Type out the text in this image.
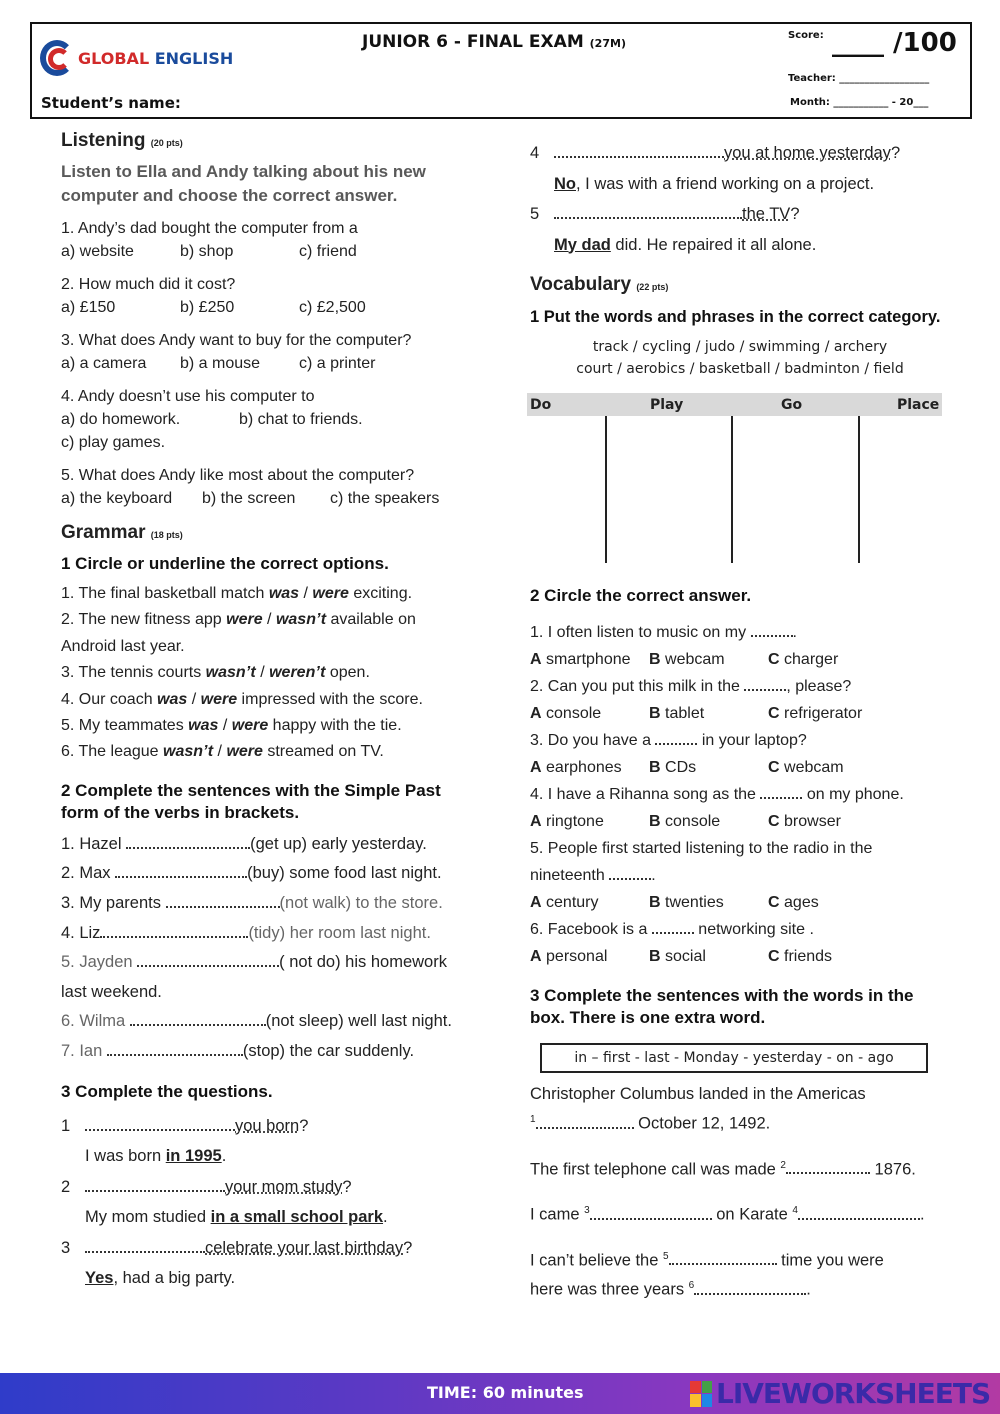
GLOBAL ENGLISH
JUNIOR 6 - FINAL EXAM (27M)
Score: ____ /100
Teacher: __________________
Month: ___________ - 20___
Student’s name:
Listening (20 pts)
Listen to Ella and Andy talking about his new computer and choose the correct answer.
1. Andy’s dad bought the computer from a
a) website	b) shop	c) friend
2. How much did it cost?
a) £150	b) £250	c) £2,500
3. What does Andy want to buy for the computer?
a) a camera	b) a mouse	c) a printer
4. Andy doesn’t use his computer to
a) do homework.	b) chat to friends.
c) play games.
5. What does Andy like most about the computer?
a) the keyboard	b) the screen	c) the speakers
Grammar (18 pts)
1 Circle or underline the correct options.
1. The final basketball match was / were exciting.
2. The new fitness app were / wasn’t available on
Android last year.
3. The tennis courts wasn’t / weren’t open.
4. Our coach was / were impressed with the score.
5. My teammates was / were happy with the tie.
6. The league wasn’t / were streamed on TV.
2 Complete the sentences with the Simple Past form of the verbs in brackets.
1. Hazel	(get up) early yesterday.
2. Max	(buy) some food last night.
3. My parents	(not walk) to the store.
4. Liz	(tidy) her room last night.
5. Jayden	( not do) his homework
last weekend.
6. Wilma	(not sleep) well last night.
7. Ian	(stop) the car suddenly.
3 Complete the questions.
1	you born?
I was born in 1995.
2	your mom study?
My mom studied in a small school park.
3	celebrate your last birthday?
Yes, had a big party.
4	you at home yesterday?
No, I was with a friend working on a project.
5	the TV?
My dad did. He repaired it all alone.
Vocabulary (22 pts)
1 Put the words and phrases in the correct category.
track / cycling / judo / swimming / archery
court / aerobics / basketball / badminton / field
Do	Play	Go	Place
2 Circle the correct answer.
1. I often listen to music on my	.
A smartphone	B webcam	C charger
2. Can you put this milk in the	, please?
A console	B tablet	C refrigerator
3. Do you have a	in your laptop?
A earphones	B CDs	C webcam
4. I have a Rihanna song as the	on my phone.
A ringtone	B console	C browser
5. People first started listening to the radio in the
nineteenth	.
A century	B twenties	C ages
6. Facebook is a	networking site .
A personal	B social	C friends
3 Complete the sentences with the words in the box. There is one extra word.
in – first - last - Monday - yesterday - on - ago
Christopher Columbus landed in the Americas
$^1$	October 12, 1492.
The first telephone call was made $^2$	1876.
I came $^3$	on Karate $^4$	.
I can’t believe the $^5$	time you were
here was three years $^6$	.
TIME: 60 minutes	LIVEWORKSHEETS
